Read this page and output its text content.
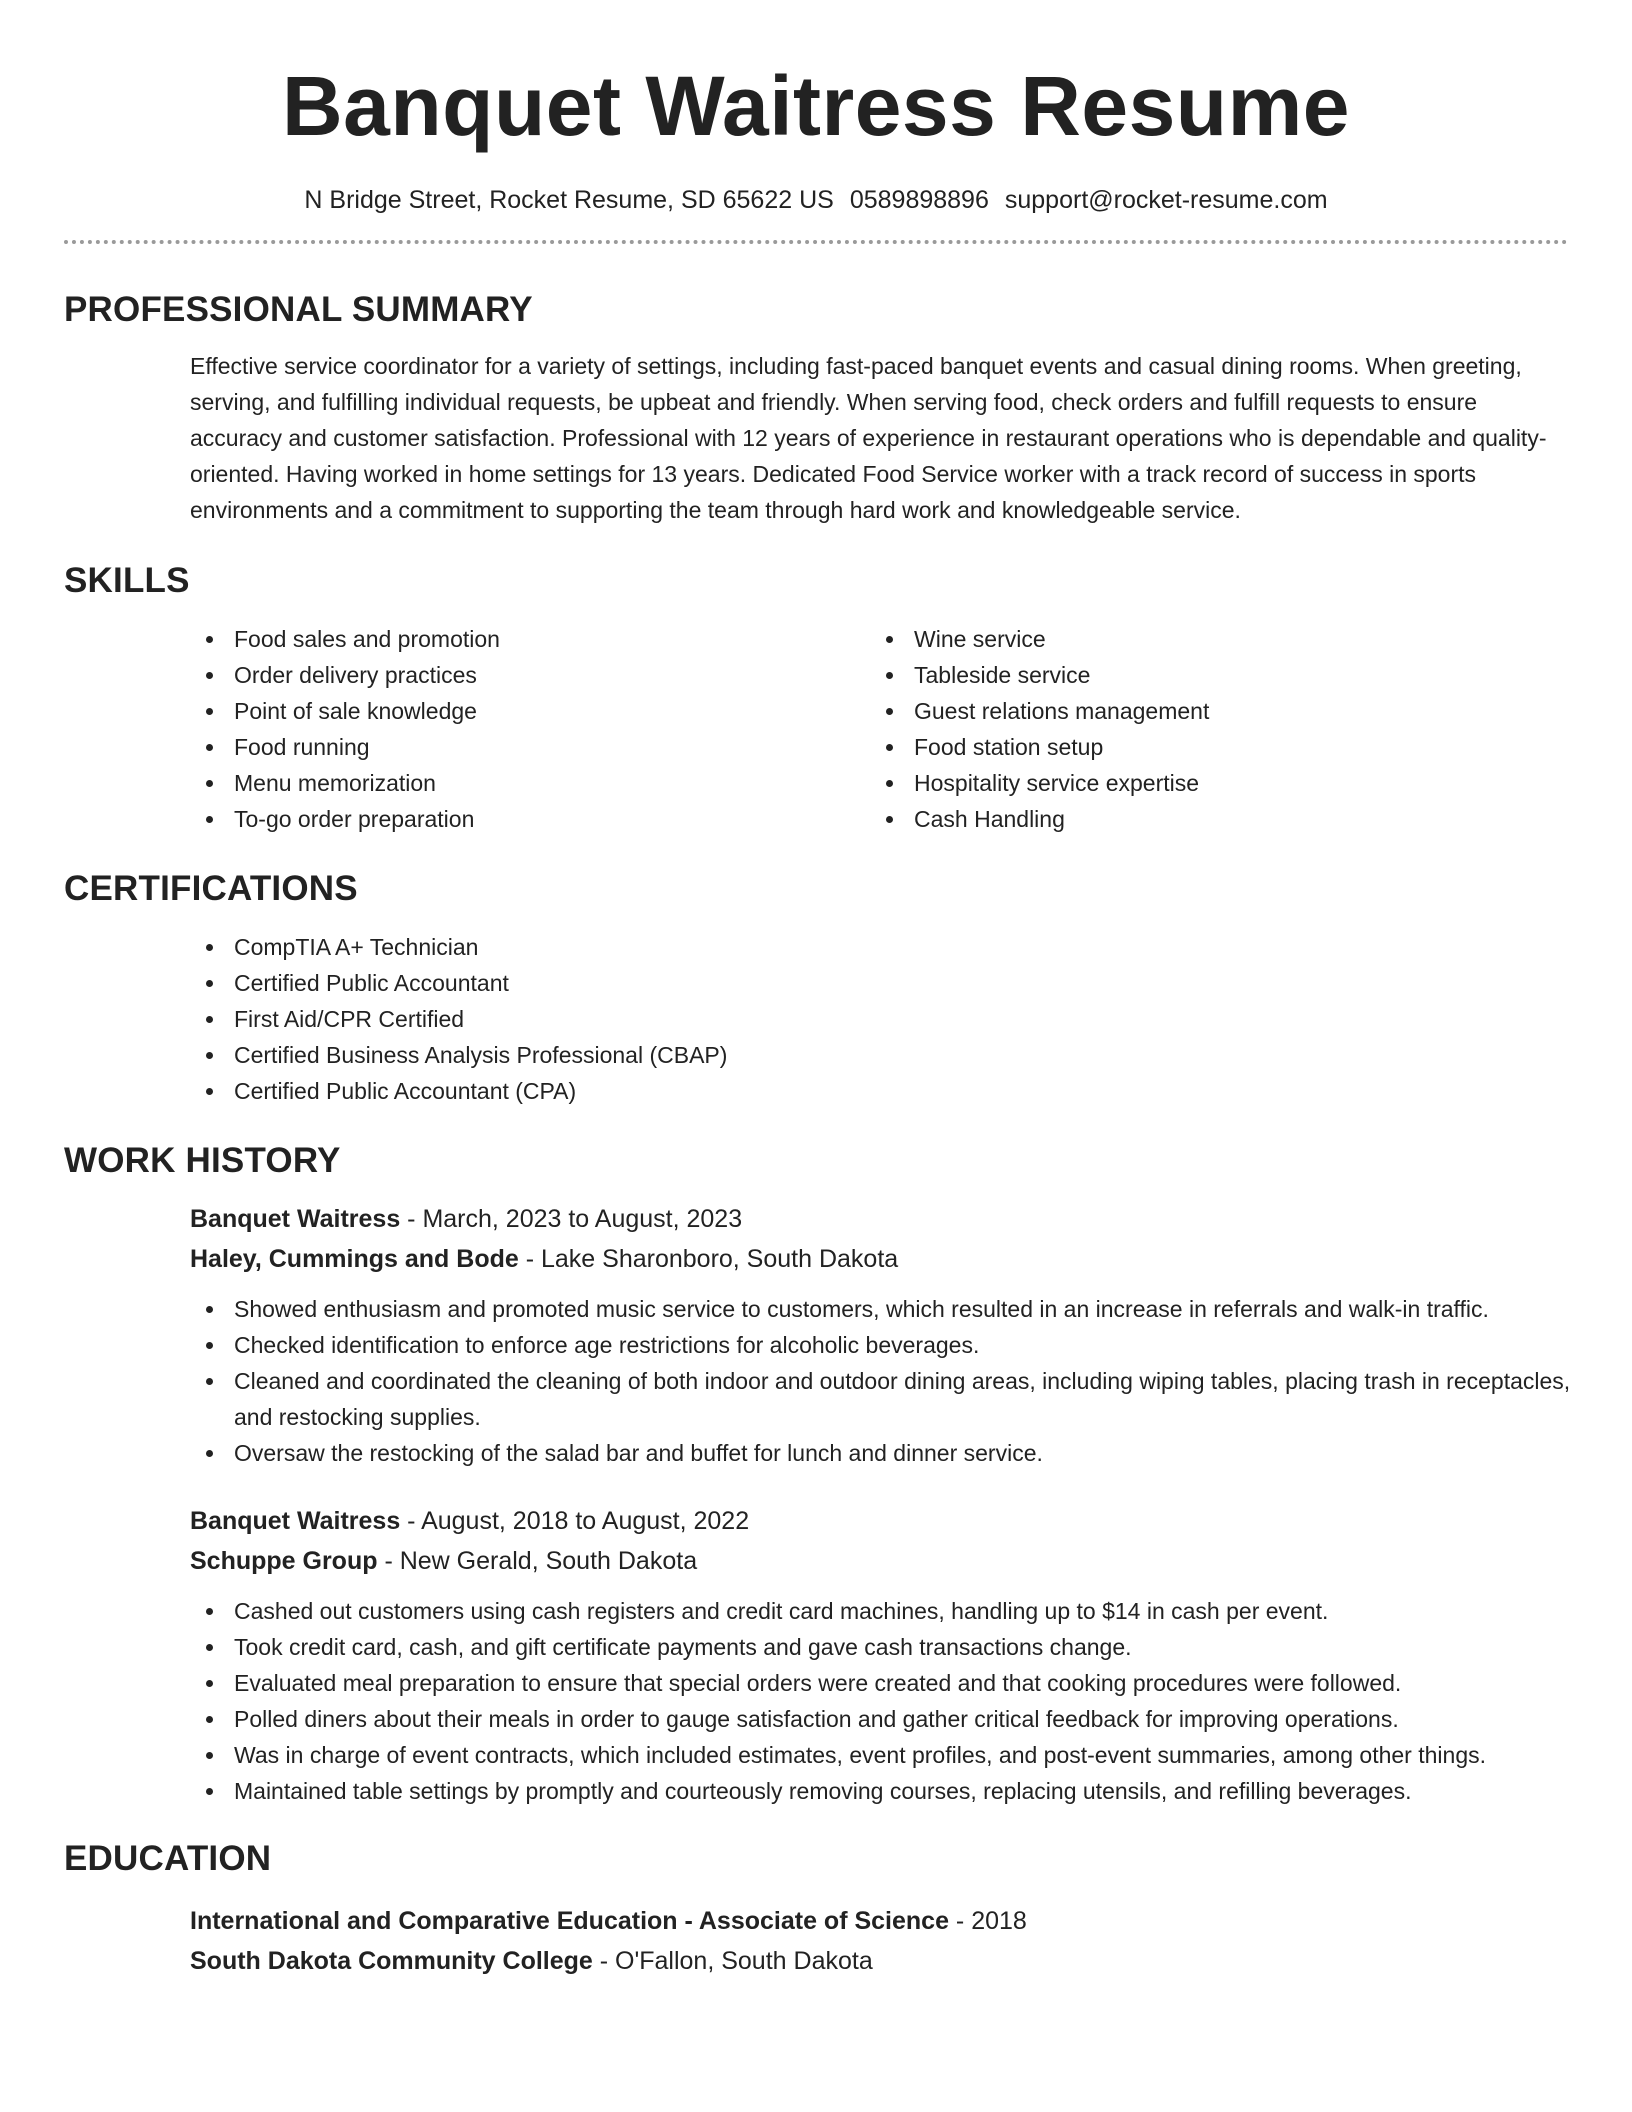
Banquet Waitress Resume
N Bridge Street, Rocket Resume, SD 65622 US 0589898896 support@rocket-resume.com
PROFESSIONAL SUMMARY

Effective service coordinator for a variety of settings, including fast-paced banquet events and casual dining rooms. When greeting, serving, and fulfilling individual requests, be upbeat and friendly. When serving food, check orders and fulfill requests to ensure accuracy and customer satisfaction. Professional with 12 years of experience in restaurant operations who is dependable and quality-oriented. Having worked in home settings for 13 years. Dedicated Food Service worker with a track record of success in sports environments and a commitment to supporting the team through hard work and knowledgeable service.

SKILLS
Food sales and promotion
Order delivery practices
Point of sale knowledge
Food running
Menu memorization
To-go order preparation
Wine service
Tableside service
Guest relations management
Food station setup
Hospitality service expertise
Cash Handling
CERTIFICATIONS
CompTIA A+ Technician
Certified Public Accountant
First Aid/CPR Certified
Certified Business Analysis Professional (CBAP)
Certified Public Accountant (CPA)
WORK HISTORY
Banquet Waitress - March, 2023 to August, 2023
Haley, Cummings and Bode - Lake Sharonboro, South Dakota
Showed enthusiasm and promoted music service to customers, which resulted in an increase in referrals and walk-in traffic.
Checked identification to enforce age restrictions for alcoholic beverages.
Cleaned and coordinated the cleaning of both indoor and outdoor dining areas, including wiping tables, placing trash in receptacles, and restocking supplies.
Oversaw the restocking of the salad bar and buffet for lunch and dinner service.
Banquet Waitress - August, 2018 to August, 2022
Schuppe Group - New Gerald, South Dakota
Cashed out customers using cash registers and credit card machines, handling up to $14 in cash per event.
Took credit card, cash, and gift certificate payments and gave cash transactions change.
Evaluated meal preparation to ensure that special orders were created and that cooking procedures were followed.
Polled diners about their meals in order to gauge satisfaction and gather critical feedback for improving operations.
Was in charge of event contracts, which included estimates, event profiles, and post-event summaries, among other things.
Maintained table settings by promptly and courteously removing courses, replacing utensils, and refilling beverages.
EDUCATION
International and Comparative Education - Associate of Science - 2018
South Dakota Community College - O'Fallon, South Dakota
